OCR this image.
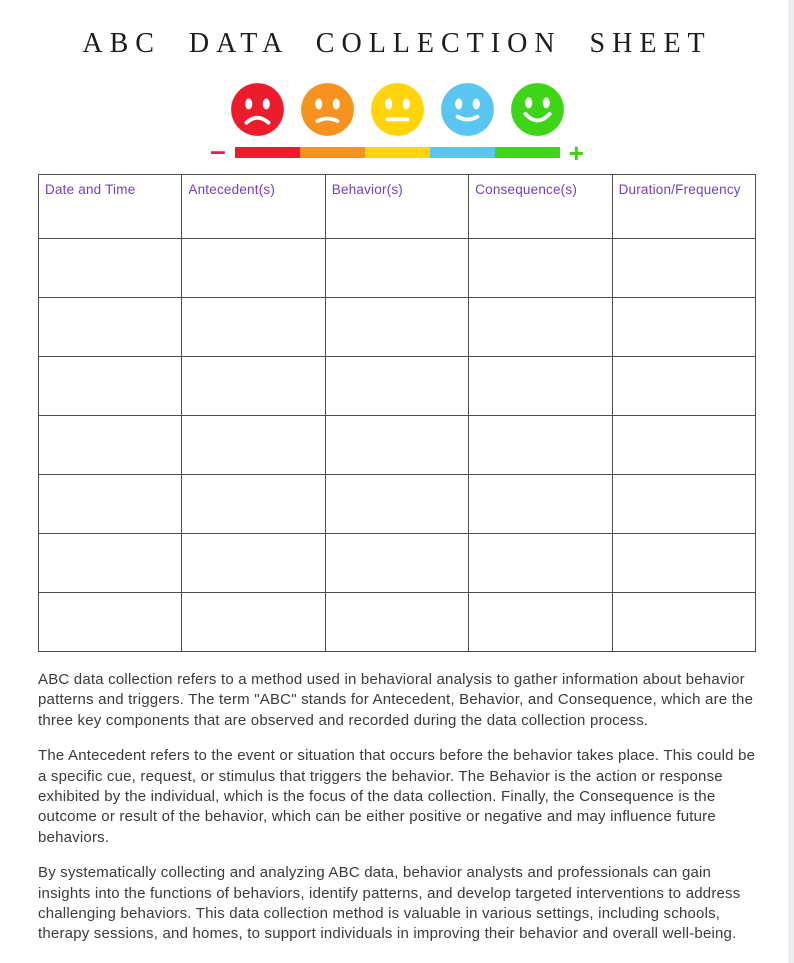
ABC DATA COLLECTION SHEET
–	+
Date and Time	Antecedent(s)	Behavior(s)	Consequence(s)	Duration/Frequency

ABC data collection refers to a method used in behavioral analysis to gather information about behavior patterns and triggers. The term "ABC" stands for Antecedent, Behavior, and Consequence, which are the three key components that are observed and recorded during the data collection process.

The Antecedent refers to the event or situation that occurs before the behavior takes place. This could be a specific cue, request, or stimulus that triggers the behavior. The Behavior is the action or response exhibited by the individual, which is the focus of the data collection. Finally, the Consequence is the outcome or result of the behavior, which can be either positive or negative and may influence future behaviors.

By systematically collecting and analyzing ABC data, behavior analysts and professionals can gain insights into the functions of behaviors, identify patterns, and develop targeted interventions to address challenging behaviors. This data collection method is valuable in various settings, including schools, therapy sessions, and homes, to support individuals in improving their behavior and overall well-being.
